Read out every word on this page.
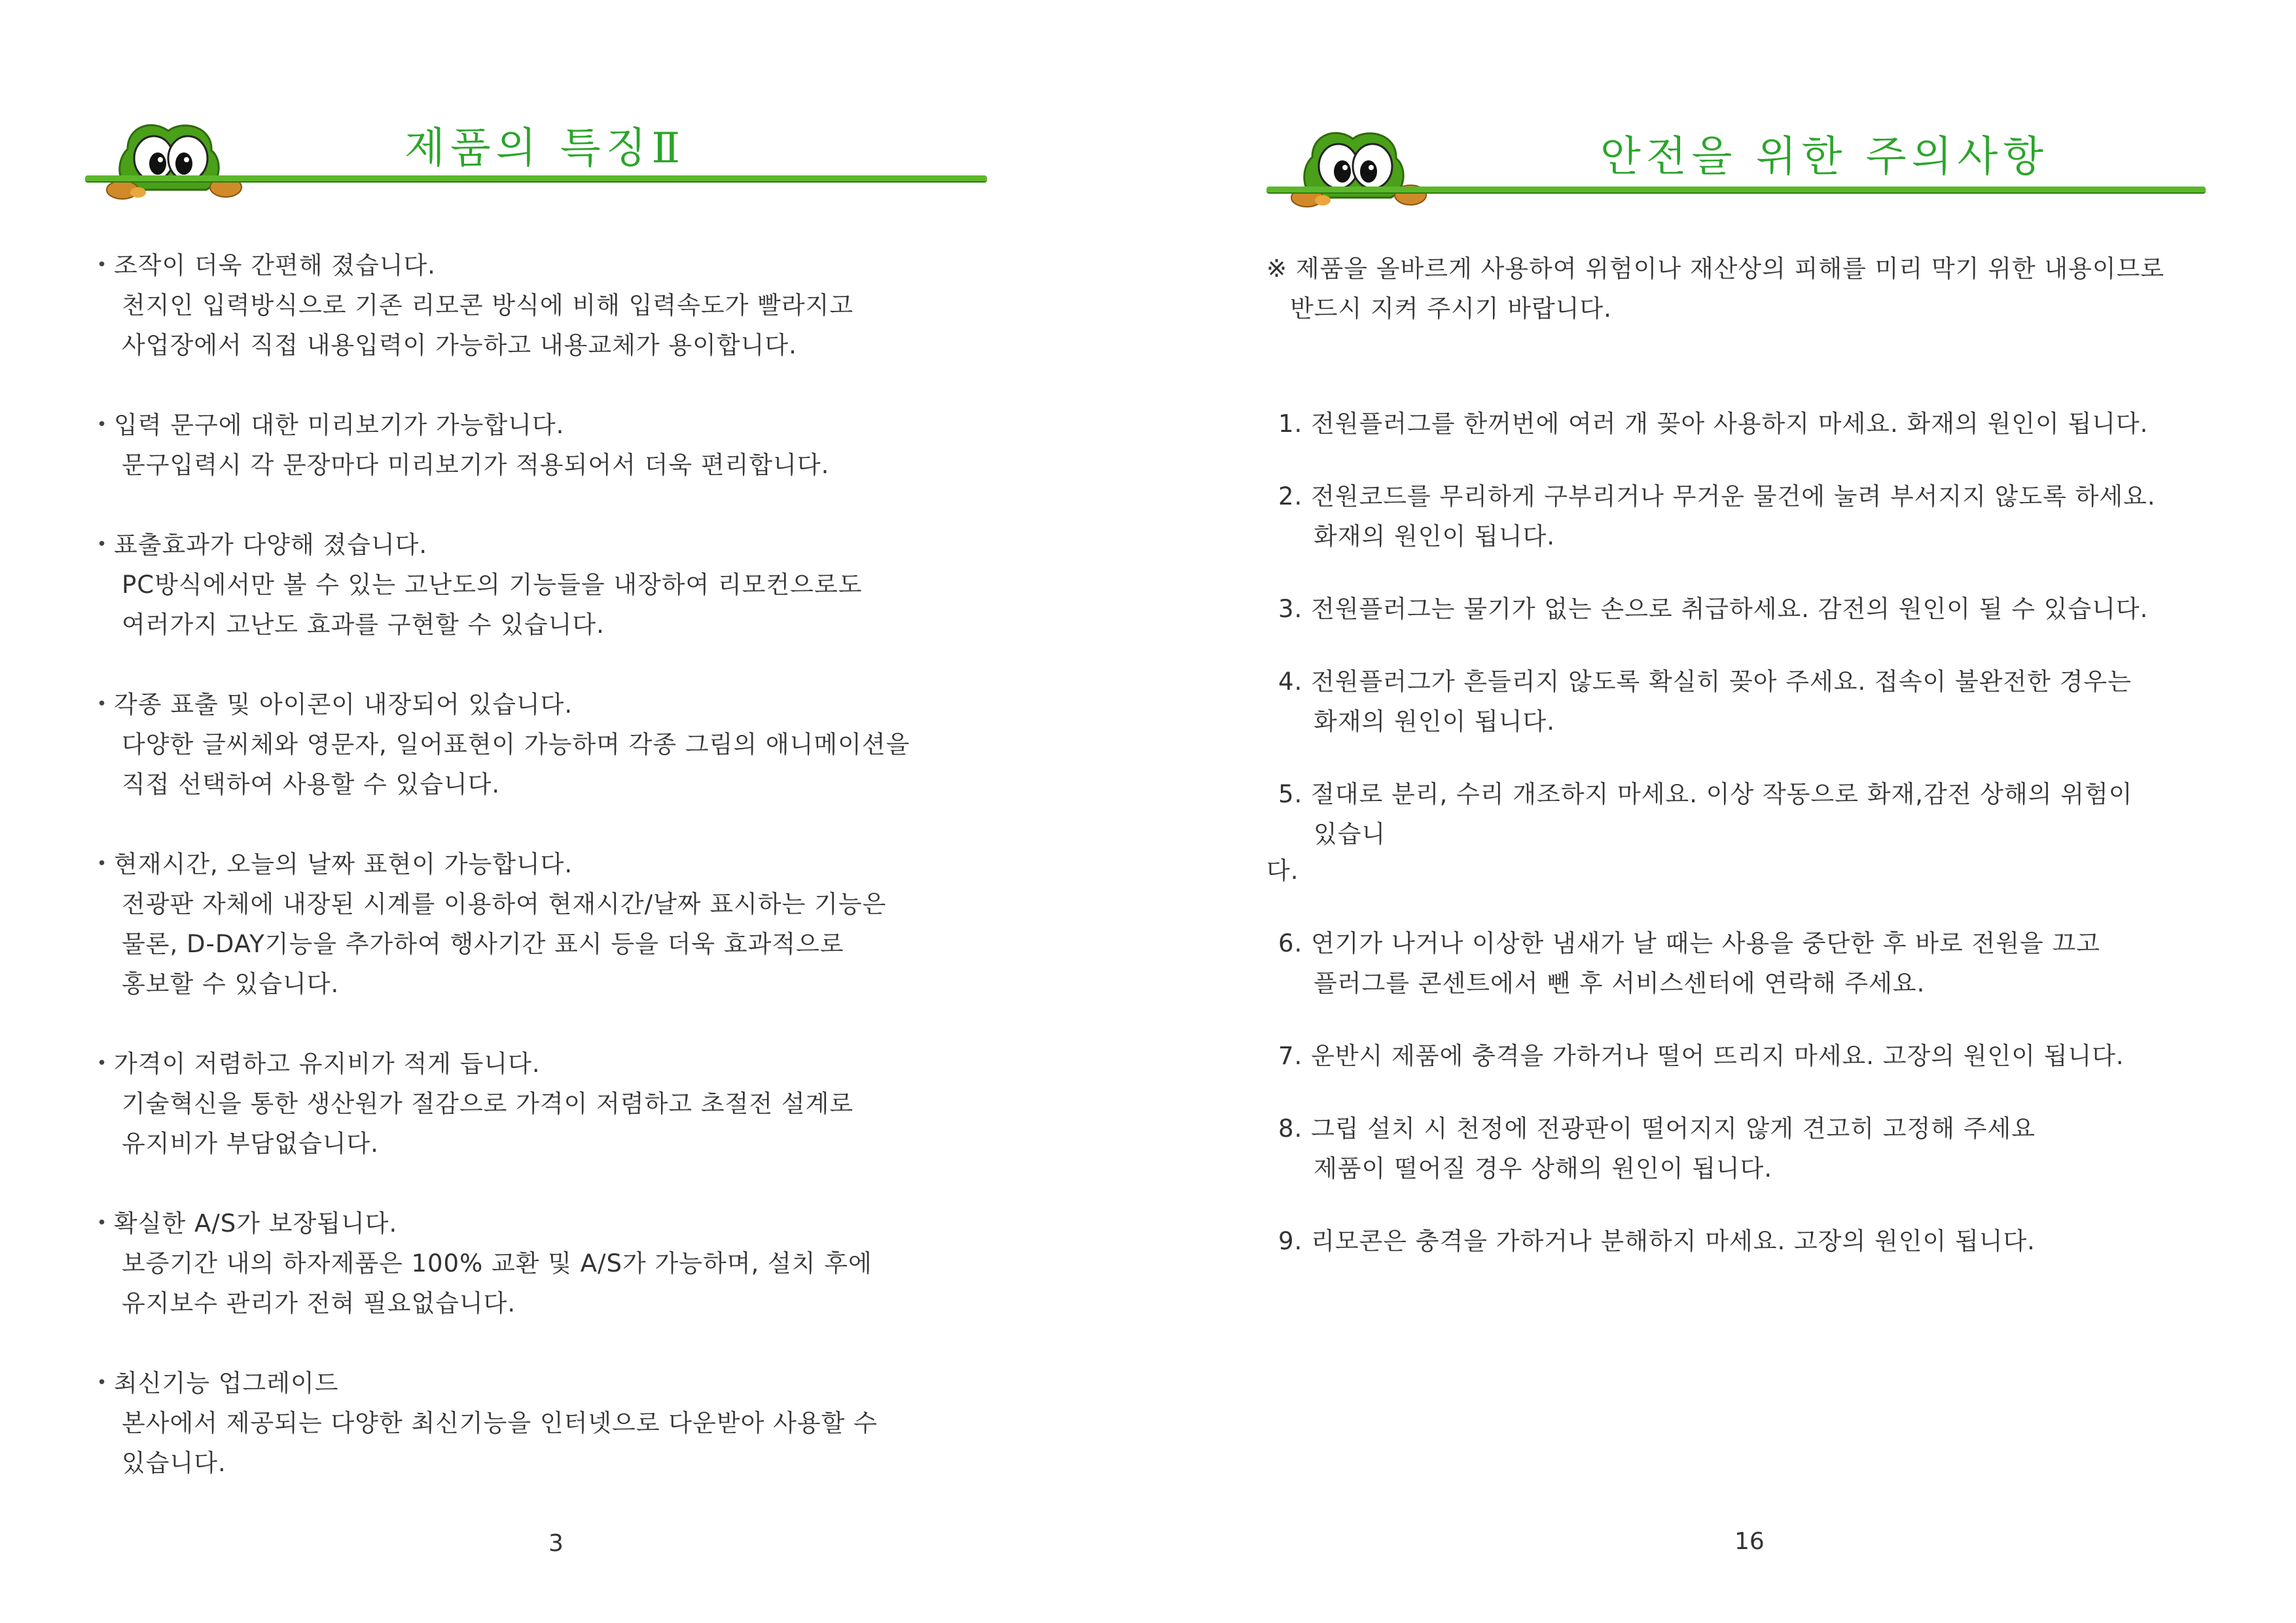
제품의 특징Ⅱ
• 조작이 더욱 간편해 졌습니다.
천지인 입력방식으로 기존 리모콘 방식에 비해 입력속도가 빨라지고
사업장에서 직접 내용입력이 가능하고 내용교체가 용이합니다.
• 입력 문구에 대한 미리보기가 가능합니다.
문구입력시 각 문장마다 미리보기가 적용되어서 더욱 편리합니다.
• 표출효과가 다양해 졌습니다.
PC방식에서만 볼 수 있는 고난도의 기능들을 내장하여 리모컨으로도
여러가지 고난도 효과를 구현할 수 있습니다.
• 각종 표출 및 아이콘이 내장되어 있습니다.
다양한 글씨체와 영문자, 일어표현이 가능하며 각종 그림의 애니메이션을
직접 선택하여 사용할 수 있습니다.
• 현재시간, 오늘의 날짜 표현이 가능합니다.
전광판 자체에 내장된 시계를 이용하여 현재시간/날짜 표시하는 기능은
물론, D-DAY기능을 추가하여 행사기간 표시 등을 더욱 효과적으로
홍보할 수 있습니다.
• 가격이 저렴하고 유지비가 적게 듭니다.
기술혁신을 통한 생산원가 절감으로 가격이 저렴하고 초절전 설계로
유지비가 부담없습니다.
• 확실한 A/S가 보장됩니다.
보증기간 내의 하자제품은 100% 교환 및 A/S가 가능하며, 설치 후에
유지보수 관리가 전혀 필요없습니다.
• 최신기능 업그레이드
본사에서 제공되는 다양한 최신기능을 인터넷으로 다운받아 사용할 수
있습니다.
3
안전을 위한 주의사항
※ 제품을 올바르게 사용하여 위험이나 재산상의 피해를 미리 막기 위한 내용이므로
반드시 지켜 주시기 바랍니다.
1. 전원플러그를 한꺼번에 여러 개 꽂아 사용하지 마세요. 화재의 원인이 됩니다.
2. 전원코드를 무리하게 구부리거나 무거운 물건에 눌려 부서지지 않도록 하세요.
화재의 원인이 됩니다.
3. 전원플러그는 물기가 없는 손으로 취급하세요. 감전의 원인이 될 수 있습니다.
4. 전원플러그가 흔들리지 않도록 확실히 꽂아 주세요. 접속이 불완전한 경우는
화재의 원인이 됩니다.
5. 절대로 분리, 수리 개조하지 마세요. 이상 작동으로 화재,감전 상해의 위험이
있습니
다.
6. 연기가 나거나 이상한 냄새가 날 때는 사용을 중단한 후 바로 전원을 끄고
플러그를 콘센트에서 뺀 후 서비스센터에 연락해 주세요.
7. 운반시 제품에 충격을 가하거나 떨어 뜨리지 마세요. 고장의 원인이 됩니다.
8. 그립 설치 시 천정에 전광판이 떨어지지 않게 견고히 고정해 주세요
제품이 떨어질 경우 상해의 원인이 됩니다.
9. 리모콘은 충격을 가하거나 분해하지 마세요. 고장의 원인이 됩니다.
16
